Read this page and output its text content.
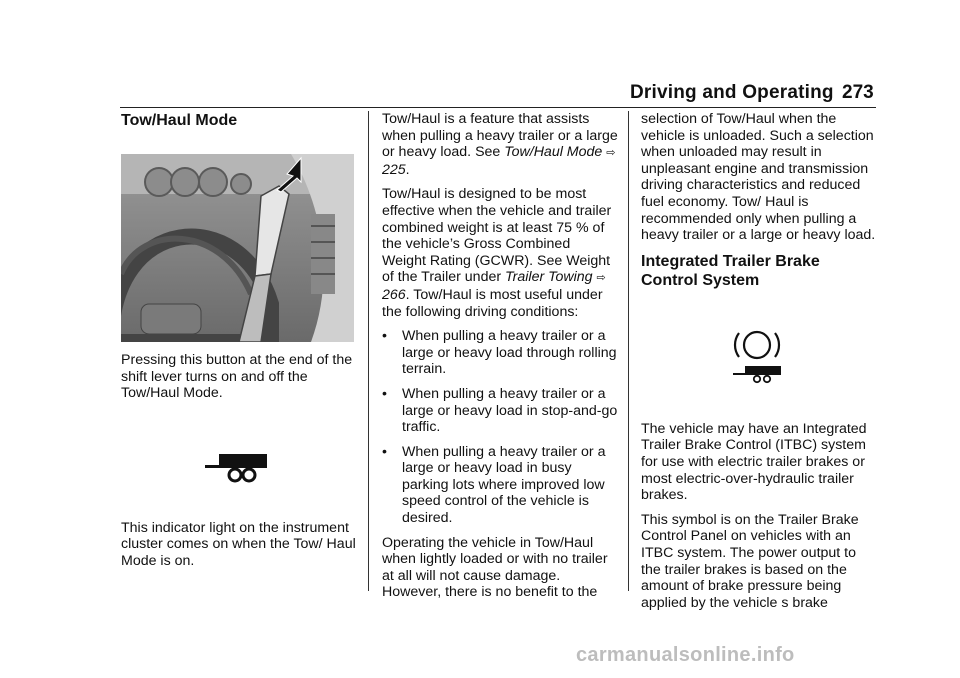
Driving and Operating 273
Tow/Haul Mode

Pressing this button at the end of the shift lever turns on and off the Tow/Haul Mode.

This indicator light on the instrument cluster comes on when the Tow/ Haul Mode is on.

Tow/Haul is a feature that assists when pulling a heavy trailer or a large or heavy load. See Tow/Haul Mode ⇨ 225.

Tow/Haul is designed to be most effective when the vehicle and trailer combined weight is at least 75 % of the vehicle’s Gross Combined Weight Rating (GCWR). See Weight of the Trailer under Trailer Towing ⇨ 266. Tow/Haul is most useful under the following driving conditions:

•	When pulling a heavy trailer or a large or heavy load through rolling terrain.
•	When pulling a heavy trailer or a large or heavy load in stop-and-go traffic.
•	When pulling a heavy trailer or a large or heavy load in busy parking lots where improved low speed control of the vehicle is desired.

Operating the vehicle in Tow/Haul when lightly loaded or with no trailer at all will not cause damage. However, there is no benefit to the

selection of Tow/Haul when the vehicle is unloaded. Such a selection when unloaded may result in unpleasant engine and transmission driving characteristics and reduced fuel economy. Tow/ Haul is recommended only when pulling a heavy trailer or a large or heavy load.

Integrated Trailer Brake Control System

The vehicle may have an Integrated Trailer Brake Control (ITBC) system for use with electric trailer brakes or most electric-over-hydraulic trailer brakes.

This symbol is on the Trailer Brake Control Panel on vehicles with an ITBC system. The power output to the trailer brakes is based on the amount of brake pressure being applied by the vehicle s brake

carmanualsonline.info
